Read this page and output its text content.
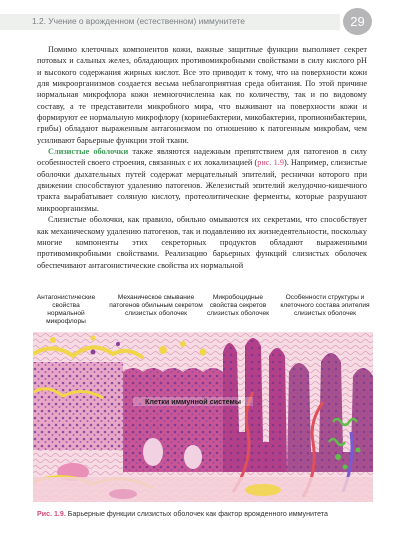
1.2. Учение о врожденном (естественном) иммунитете	29

Помимо клеточных компонентов кожи, важные защитные функции выполняет секрет потовых и сальных желез, обладающих противомикробными свойствами в силу кислого pH и высокого содержания жирных кислот. Все это приводит к тому, что на поверхности кожи для микроорганизмов создается весьма неблагоприятная среда обитания. По этой причине нормальная микрофлора кожи немногочисленна как по количеству, так и по видовому составу, а те представители микробного мира, что выживают на поверхности кожи и формируют ее нормальную микрофлору (коринебактерии, микобактерии, пропионибактерии, грибы) обладают выраженным антагонизмом по отношению к патогенным микробам, чем усиливают барьерные функции этой ткани.

Слизистые оболочки также являются надежным препятствием для патогенов в силу особенностей своего строения, связанных с их локализацией (рис. 1.9). Например, слизистые оболочки дыхательных путей содержат мерцательный эпителий, реснички которого при движении способствуют удалению патогенов. Железистый эпителий желудочно-кишечного тракта вырабатывает соляную кислоту, протеолитические ферменты, которые разрушают микроорганизмы.

Слизистые оболочки, как правило, обильно омываются их секретами, что способствует как механическому удалению патогенов, так и подавлению их жизнедеятельности, поскольку многие компоненты этих секреторных продуктов обладают выраженными противомикробными свойствами. Реализацию барьерных функций слизистых оболочек обеспечивают антагонистические свойства их нормальной

Антагонистические свойства нормальной микрофлоры
Механическое смывание патогенов обильным секретом слизистых оболочек
Микробоцидные свойства секретов слизистых оболочек
Особенности структуры и клеточного состава эпителия слизистых оболочек
Клетки иммунной системы
Рис. 1.9. Барьерные функции слизистых оболочек как фактор врожденного иммунитета
